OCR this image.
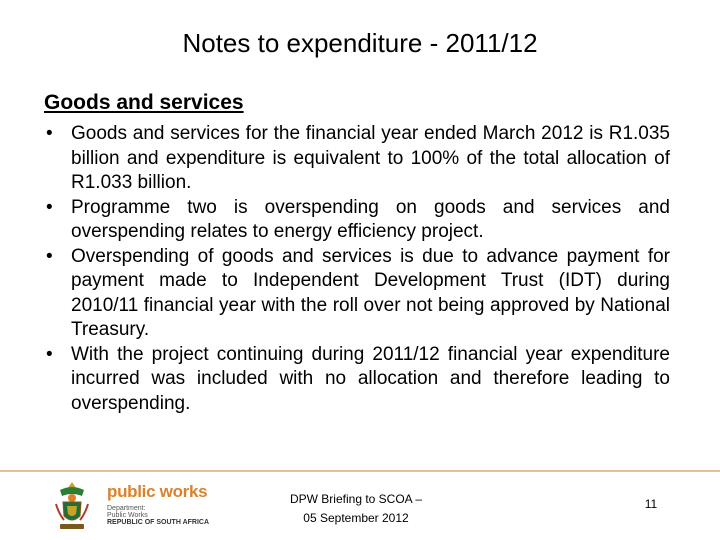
Notes to expenditure - 2011/12
Goods and services
• Goods and services for the financial year ended March 2012 is R1.035 billion and expenditure is equivalent to 100% of the total allocation of R1.033 billion.
• Programme two is overspending on goods and services and overspending relates to energy efficiency project.
• Overspending of goods and services is due to advance payment for payment made to Independent Development Trust (IDT) during 2010/11 financial year with the roll over not being approved by National Treasury.
• With the project continuing during 2011/12 financial year expenditure incurred was included with no allocation and therefore leading to overspending.
public works
Department:
Public Works
REPUBLIC OF SOUTH AFRICA
DPW Briefing to SCOA –
05 September 2012
11
